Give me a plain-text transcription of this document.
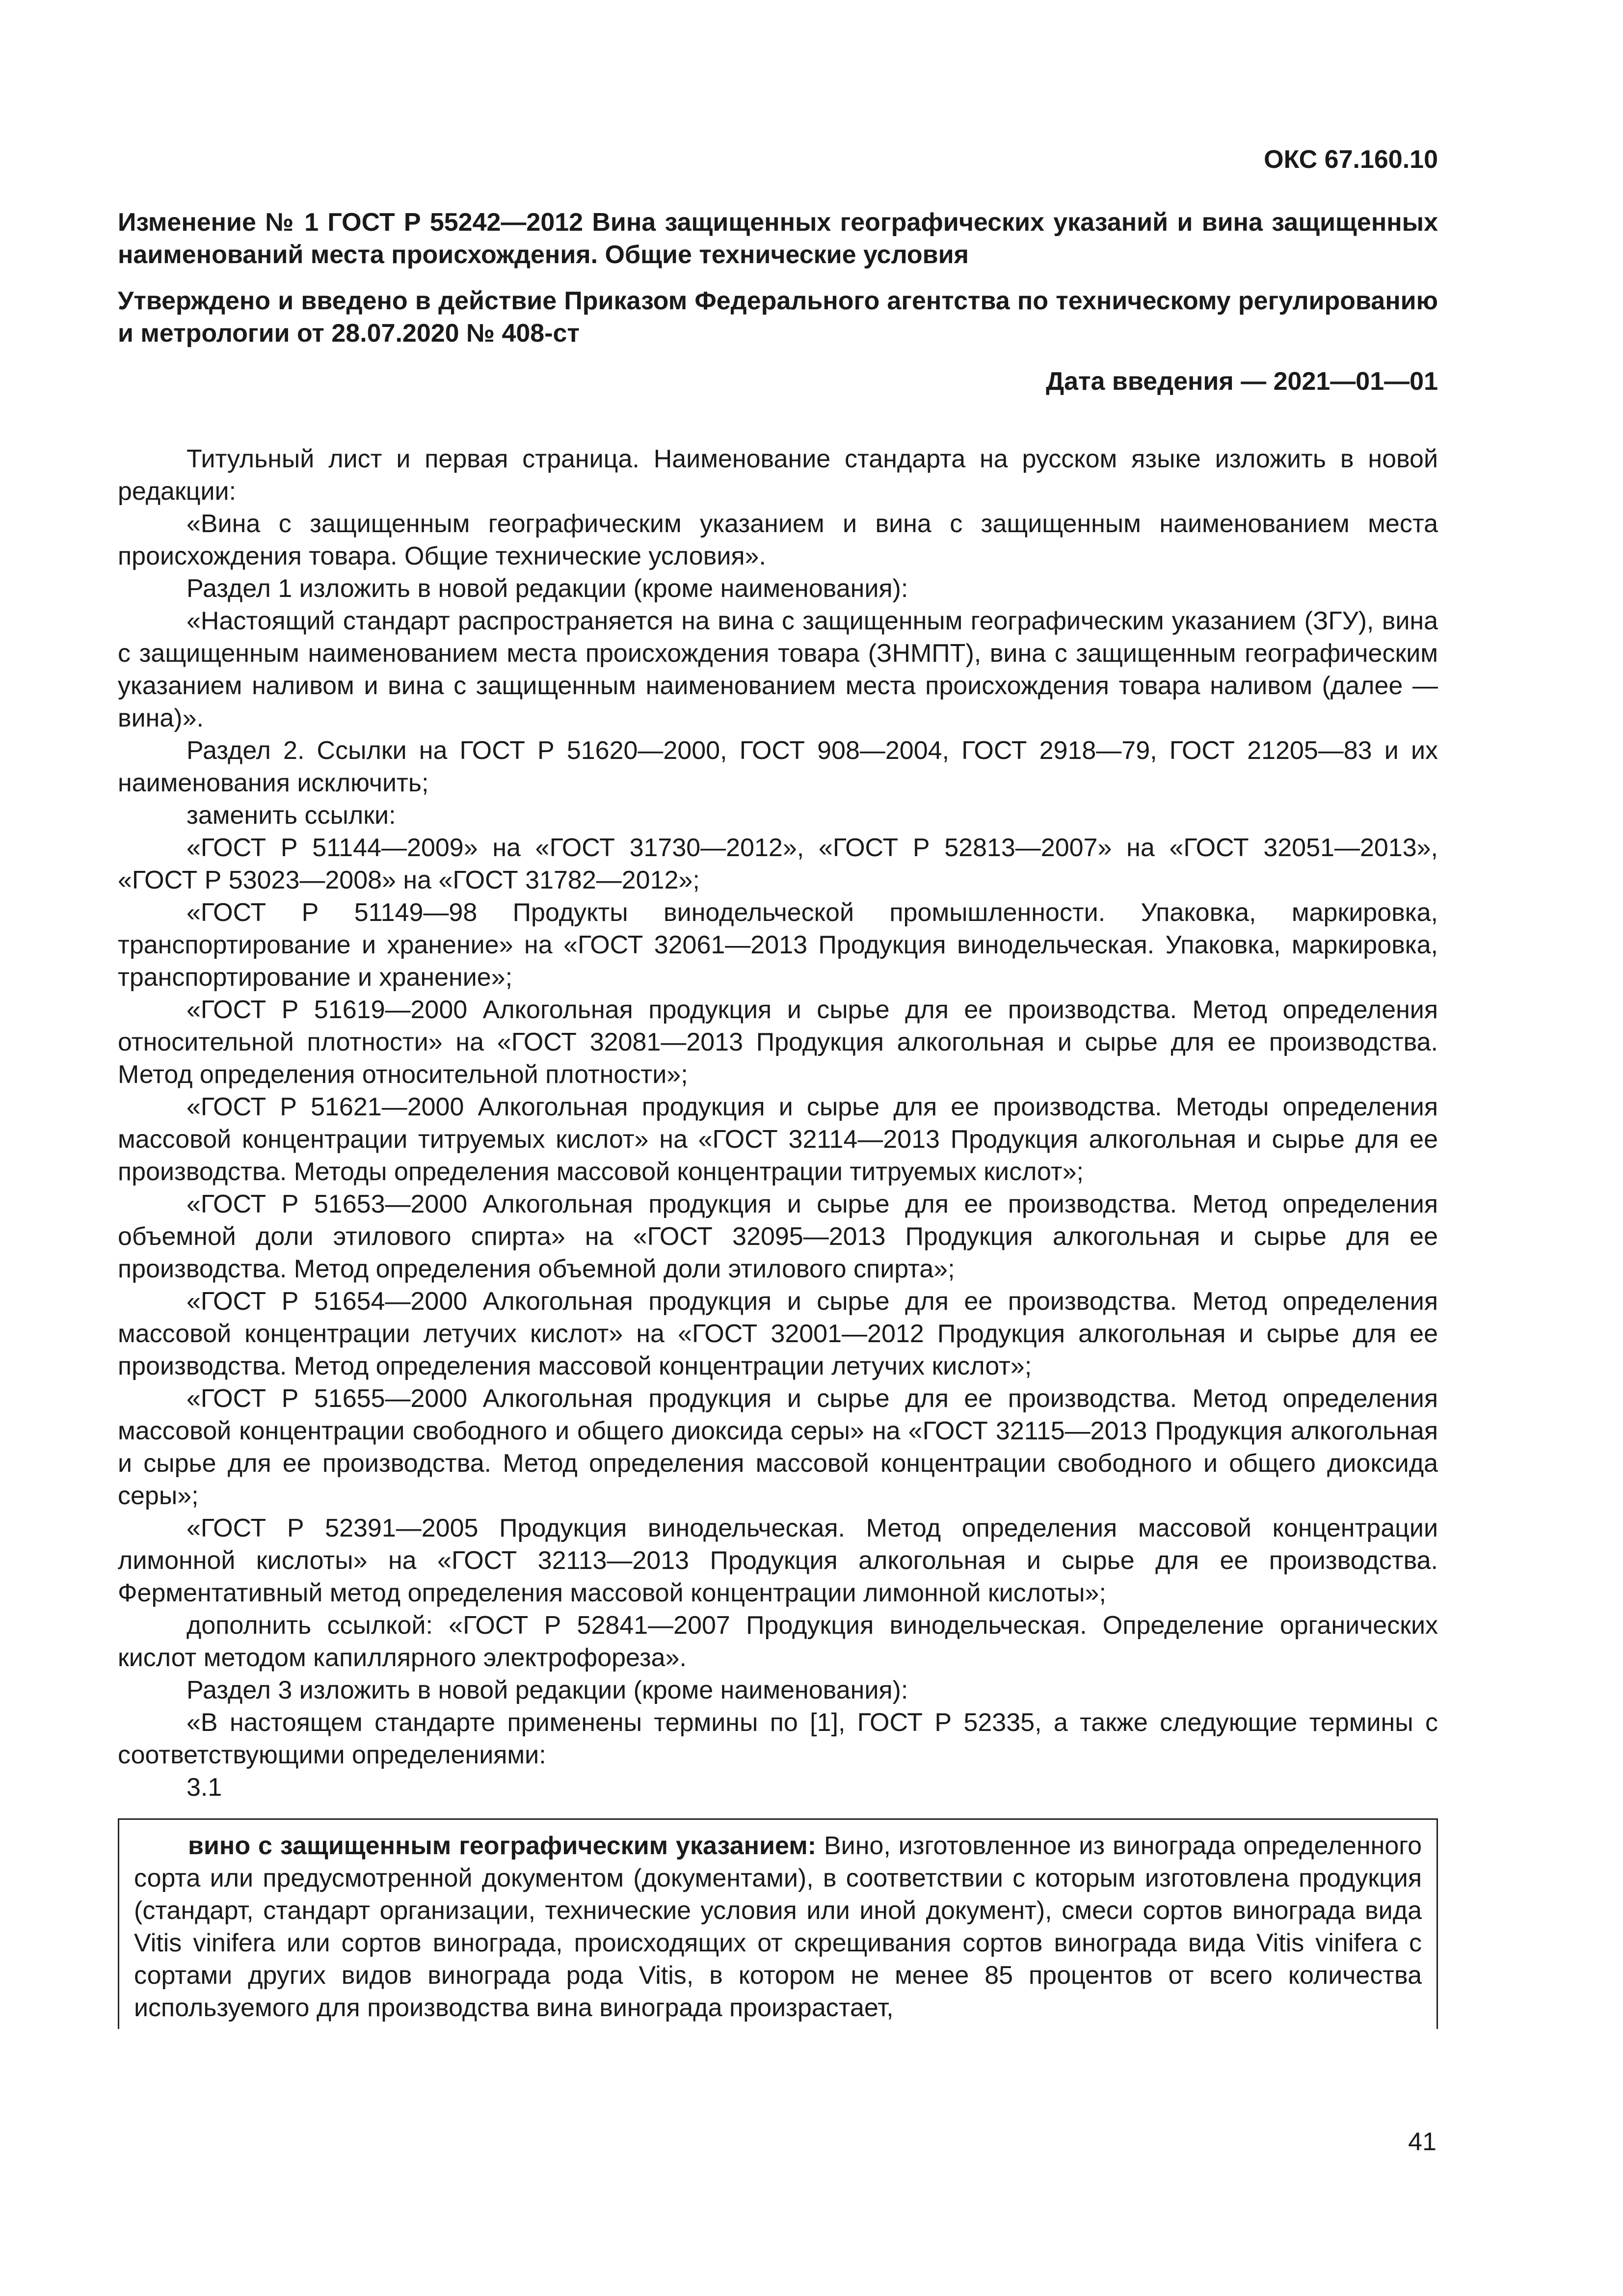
ОКС 67.160.10
Изменение № 1 ГОСТ Р 55242—2012 Вина защищенных географических указаний и вина защищенных наименований места происхождения. Общие технические условия
Утверждено и введено в действие Приказом Федерального агентства по техническому регулированию и метрологии от 28.07.2020 № 408-ст
Дата введения — 2021—01—01

Титульный лист и первая страница. Наименование стандарта на русском языке изложить в новой редакции:

«Вина с защищенным географическим указанием и вина с защищенным наименованием места происхождения товара. Общие технические условия».

Раздел 1 изложить в новой редакции (кроме наименования):

«Настоящий стандарт распространяется на вина с защищенным географическим указанием (ЗГУ), вина с защищенным наименованием места происхождения товара (ЗНМПТ), вина с защищенным географическим указанием наливом и вина с защищенным наименованием места происхождения товара наливом (далее — вина)».

Раздел 2. Ссылки на ГОСТ Р 51620—2000, ГОСТ 908—2004, ГОСТ 2918—79, ГОСТ 21205—83 и их наименования исключить;

заменить ссылки:

«ГОСТ Р 51144—2009» на «ГОСТ 31730—2012», «ГОСТ Р 52813—2007» на «ГОСТ 32051—2013», «ГОСТ Р 53023—2008» на «ГОСТ 31782—2012»;

«ГОСТ Р 51149—98 Продукты винодельческой промышленности. Упаковка, маркировка, транспортирование и хранение» на «ГОСТ 32061—2013 Продукция винодельческая. Упаковка, маркировка, транспортирование и хранение»;

«ГОСТ Р 51619—2000 Алкогольная продукция и сырье для ее производства. Метод определения относительной плотности» на «ГОСТ 32081—2013 Продукция алкогольная и сырье для ее производства. Метод определения относительной плотности»;

«ГОСТ Р 51621—2000 Алкогольная продукция и сырье для ее производства. Методы определения массовой концентрации титруемых кислот» на «ГОСТ 32114—2013 Продукция алкогольная и сырье для ее производства. Методы определения массовой концентрации титруемых кислот»;

«ГОСТ Р 51653—2000 Алкогольная продукция и сырье для ее производства. Метод определения объемной доли этилового спирта» на «ГОСТ 32095—2013 Продукция алкогольная и сырье для ее производства. Метод определения объемной доли этилового спирта»;

«ГОСТ Р 51654—2000 Алкогольная продукция и сырье для ее производства. Метод определения массовой концентрации летучих кислот» на «ГОСТ 32001—2012 Продукция алкогольная и сырье для ее производства. Метод определения массовой концентрации летучих кислот»;

«ГОСТ Р 51655—2000 Алкогольная продукция и сырье для ее производства. Метод определения массовой концентрации свободного и общего диоксида серы» на «ГОСТ 32115—2013 Продукция алкогольная и сырье для ее производства. Метод определения массовой концентрации свободного и общего диоксида серы»;

«ГОСТ Р 52391—2005 Продукция винодельческая. Метод определения массовой концентрации лимонной кислоты» на «ГОСТ 32113—2013 Продукция алкогольная и сырье для ее производства. Ферментативный метод определения массовой концентрации лимонной кислоты»;

дополнить ссылкой: «ГОСТ Р 52841—2007 Продукция винодельческая. Определение органических кислот методом капиллярного электрофореза».

Раздел 3 изложить в новой редакции (кроме наименования):

«В настоящем стандарте применены термины по [1], ГОСТ Р 52335, а также следующие термины с соответствующими определениями:

3.1

вино с защищенным географическим указанием: Вино, изготовленное из винограда определенного сорта или предусмотренной документом (документами), в соответствии с которым изготовлена продукция (стандарт, стандарт организации, технические условия или иной документ), смеси сортов винограда вида Vitis vinifera или сортов винограда, происходящих от скрещивания сортов винограда вида Vitis vinifera с сортами других видов винограда рода Vitis, в котором не менее 85 процентов от всего количества используемого для производства вина винограда произрастает,

41
